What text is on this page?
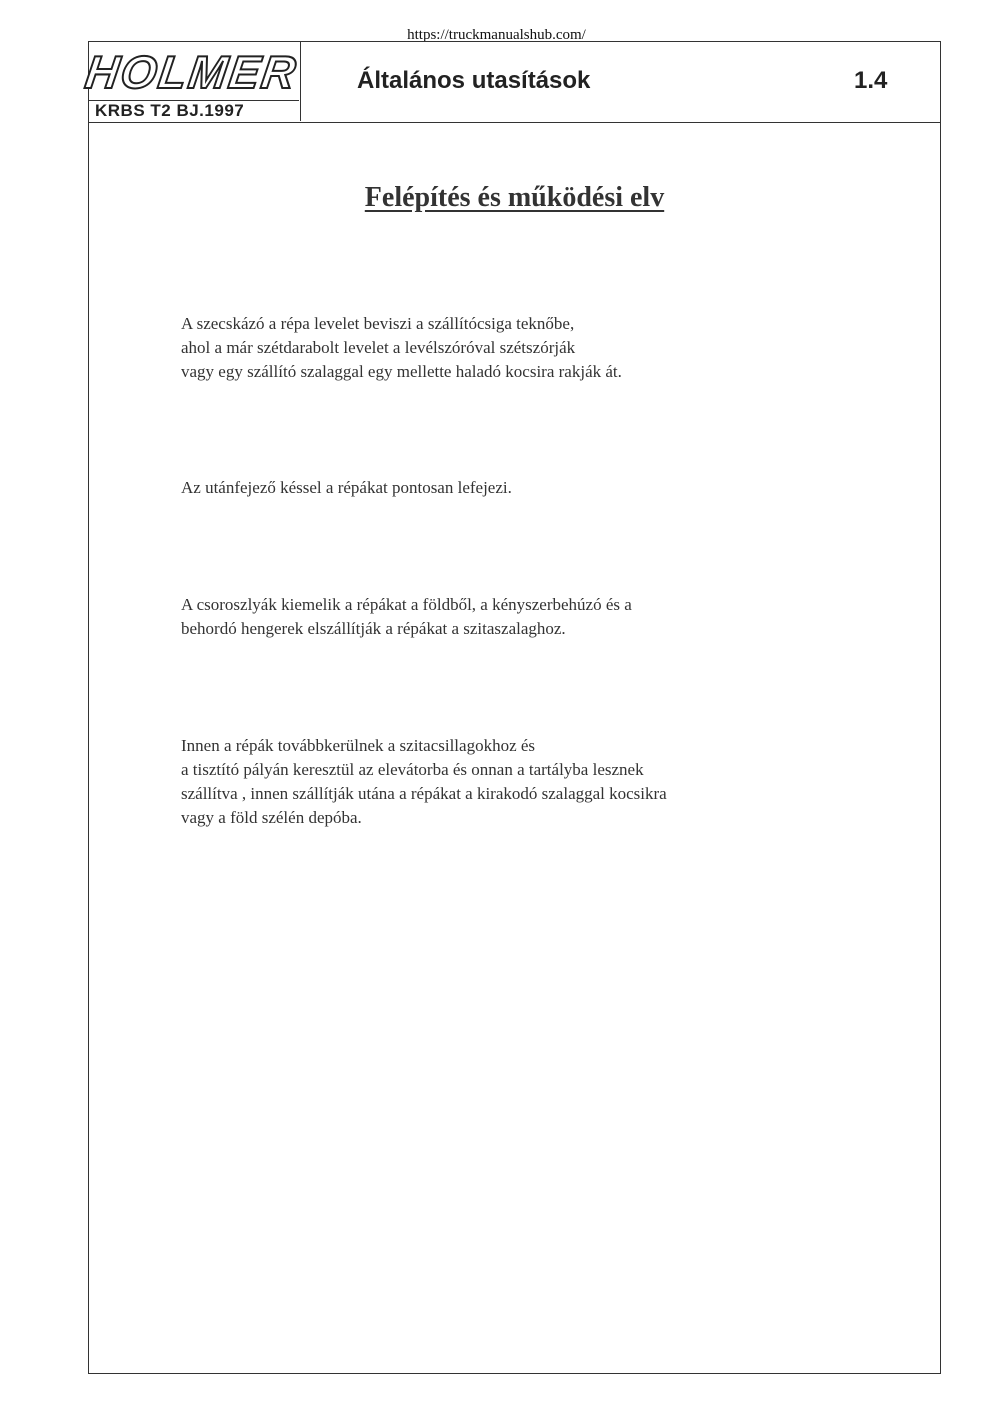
https://truckmanualshub.com/
HOLMER
KRBS T2 BJ.1997
Általános utasítások	1.4
Felépítés és működési elv

A szecskázó a répa levelet beviszi a szállítócsiga teknőbe,
ahol a már szétdarabolt levelet a levélszóróval szétszórják
vagy egy szállító szalaggal egy mellette haladó kocsira rakják át.

Az utánfejező késsel a répákat pontosan lefejezi.

A csoroszlyák kiemelik a répákat a földből, a kényszerbehúzó és a
behordó hengerek elszállítják a répákat a szitaszalaghoz.

Innen a répák továbbkerülnek a szitacsillagokhoz és
a tisztító pályán keresztül az elevátorba és onnan a tartályba lesznek
szállítva , innen szállítják utána a répákat a kirakodó szalaggal kocsikra
vagy a föld szélén depóba.
